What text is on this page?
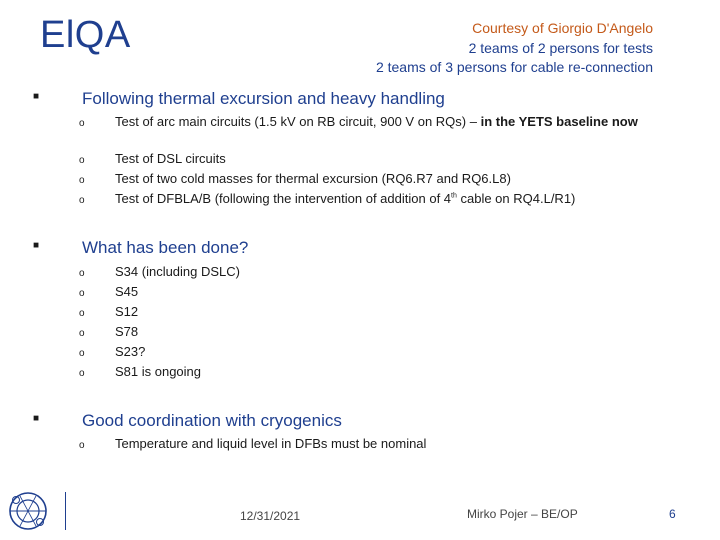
ElQA	Courtesy of Giorgio D'Angelo
2 teams of 2 persons for tests
2 teams of 3 persons for cable re-connection
■	Following thermal excursion and heavy handling
o Test of arc main circuits (1.5 kV on RB circuit, 900 V on RQs) – in the YETS baseline now
o Test of DSL circuits
o Test of two cold masses for thermal excursion (RQ6.R7 and RQ6.L8)
o Test of DFBLA/B (following the intervention of addition of 4th cable on RQ4.L/R1)
■	What has been done?
o S34 (including DSLC)
o S45
o S12
o S78
o S23?
o S81 is ongoing
■	Good coordination with cryogenics
o Temperature and liquid level in DFBs must be nominal
12/31/2021	Mirko Pojer – BE/OP	6
